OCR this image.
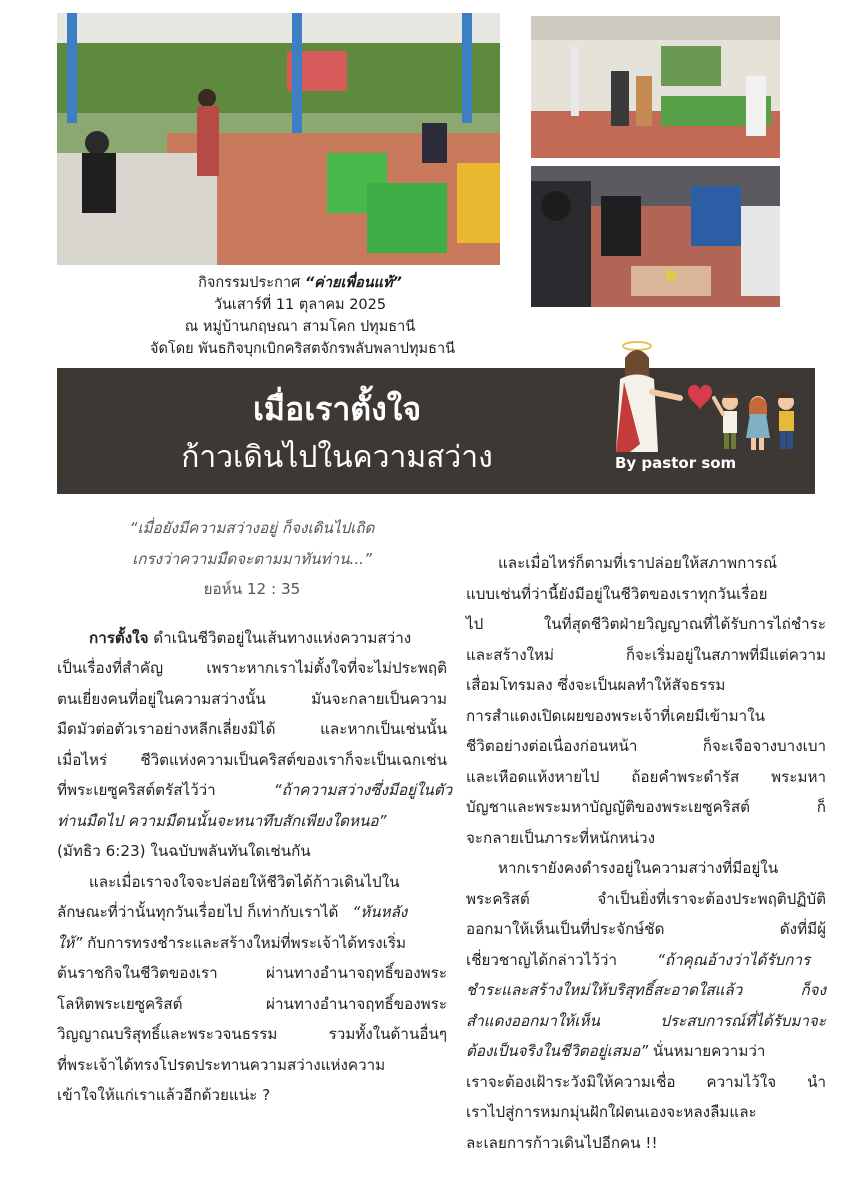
กิจกรรมประกาศ “ค่ายเพื่อนแท้”
วันเสาร์ที่ 11 ตุลาคม 2025
ณ หมู่บ้านกฤษณา สามโคก ปทุมธานี
จัดโดย พันธกิจบุกเบิกคริสตจักรพลับพลาปทุมธานี
เมื่อเราตั้งใจ
ก้าวเดินไปในความสว่าง	By pastor som

“เมื่อยังมีความสว่างอยู่ ก็จงเดินไปเถิด

เกรงว่าความมืดจะตามมาทันท่าน...”

ยอห์น 12 : 35

การตั้งใจ ดำเนินชีวิตอยู่ในเส้นทางแห่งความสว่าง

เป็นเรื่องที่สำคัญ เพราะหากเราไม่ตั้งใจที่จะไม่ประพฤติ

ตนเยี่ยงคนที่อยู่ในความสว่างนั้น มันจะกลายเป็นความ

มืดมัวต่อตัวเราอย่างหลีกเลี่ยงมิได้ และหากเป็นเช่นนั้น

เมื่อไหร่ ชีวิตแห่งความเป็นคริสต์ของเราก็จะเป็นเฉกเช่น

ที่พระเยซูคริสต์ตรัสไว้ว่า	“ถ้าความสว่างซึ่งมีอยู่ในตัว

ท่านมืดไป ความมืดนนั้นจะหนาทึบสักเพียงใดหนอ”

(มัทธิว 6:23) ในฉบับพลันทันใดเช่นกัน

และเมื่อเราจงใจจะปล่อยให้ชีวิตได้ก้าวเดินไปใน

ลักษณะที่ว่านั้นทุกวันเรื่อยไป ก็เท่ากับเราได้ “หันหลัง

ให้” กับการทรงชำระและสร้างใหม่ที่พระเจ้าได้ทรงเริ่ม

ต้นราชกิจในชีวิตของเรา ผ่านทางอำนาจฤทธิ์ของพระ

โลหิตพระเยซูคริสต์ ผ่านทางอำนาจฤทธิ์ของพระ

วิญญาณบริสุทธิ์และพระวจนธรรม รวมทั้งในด้านอื่นๆ

ที่พระเจ้าได้ทรงโปรดประทานความสว่างแห่งความ

เข้าใจให้แก่เราแล้วอีกด้วยแน่ะ ?

และเมื่อไหร่ก็ตามที่เราปล่อยให้สภาพการณ์

แบบเช่นที่ว่านี้ยังมีอยู่ในชีวิตของเราทุกวันเรื่อย

ไป ในที่สุดชีวิตฝ่ายวิญญาณที่ได้รับการไถ่ชำระ

และสร้างใหม่ ก็จะเริ่มอยู่ในสภาพที่มีแต่ความ

เสื่อมโทรมลง ซึ่งจะเป็นผลทำให้สัจธรรม

การสำแดงเปิดเผยของพระเจ้าที่เคยมีเข้ามาใน

ชีวิตอย่างต่อเนื่องก่อนหน้า ก็จะเจือจางบางเบา

และเหือดแห้งหายไป ถ้อยคำพระดำรัส พระมหา

บัญชาและพระมหาบัญญัติของพระเยซูคริสต์ ก็

จะกลายเป็นภาระที่หนักหน่วง

หากเรายังคงดำรงอยู่ในความสว่างที่มีอยู่ใน

พระคริสต์ จำเป็นยิ่งที่เราจะต้องประพฤติปฏิบัติ

ออกมาให้เห็นเป็นที่ประจักษ์ชัด ดังที่มีผู้

เชี่ยวชาญได้กล่าวไว้ว่า	“ถ้าคุณอ้างว่าได้รับการ

ชำระและสร้างใหม่ให้บริสุทธิ์สะอาดใสแล้ว ก็จง

สำแดงออกมาให้เห็น ประสบการณ์ที่ได้รับมาจะ

ต้องเป็นจริงในชีวิตอยู่เสมอ” นั่นหมายความว่า

เราจะต้องเฝ้าระวังมิให้ความเชื่อ ความไว้ใจ นำ

เราไปสู่การหมกมุ่นฝักใฝ่ตนเองจะหลงลืมและ

ละเลยการก้าวเดินไปอีกคน !!
